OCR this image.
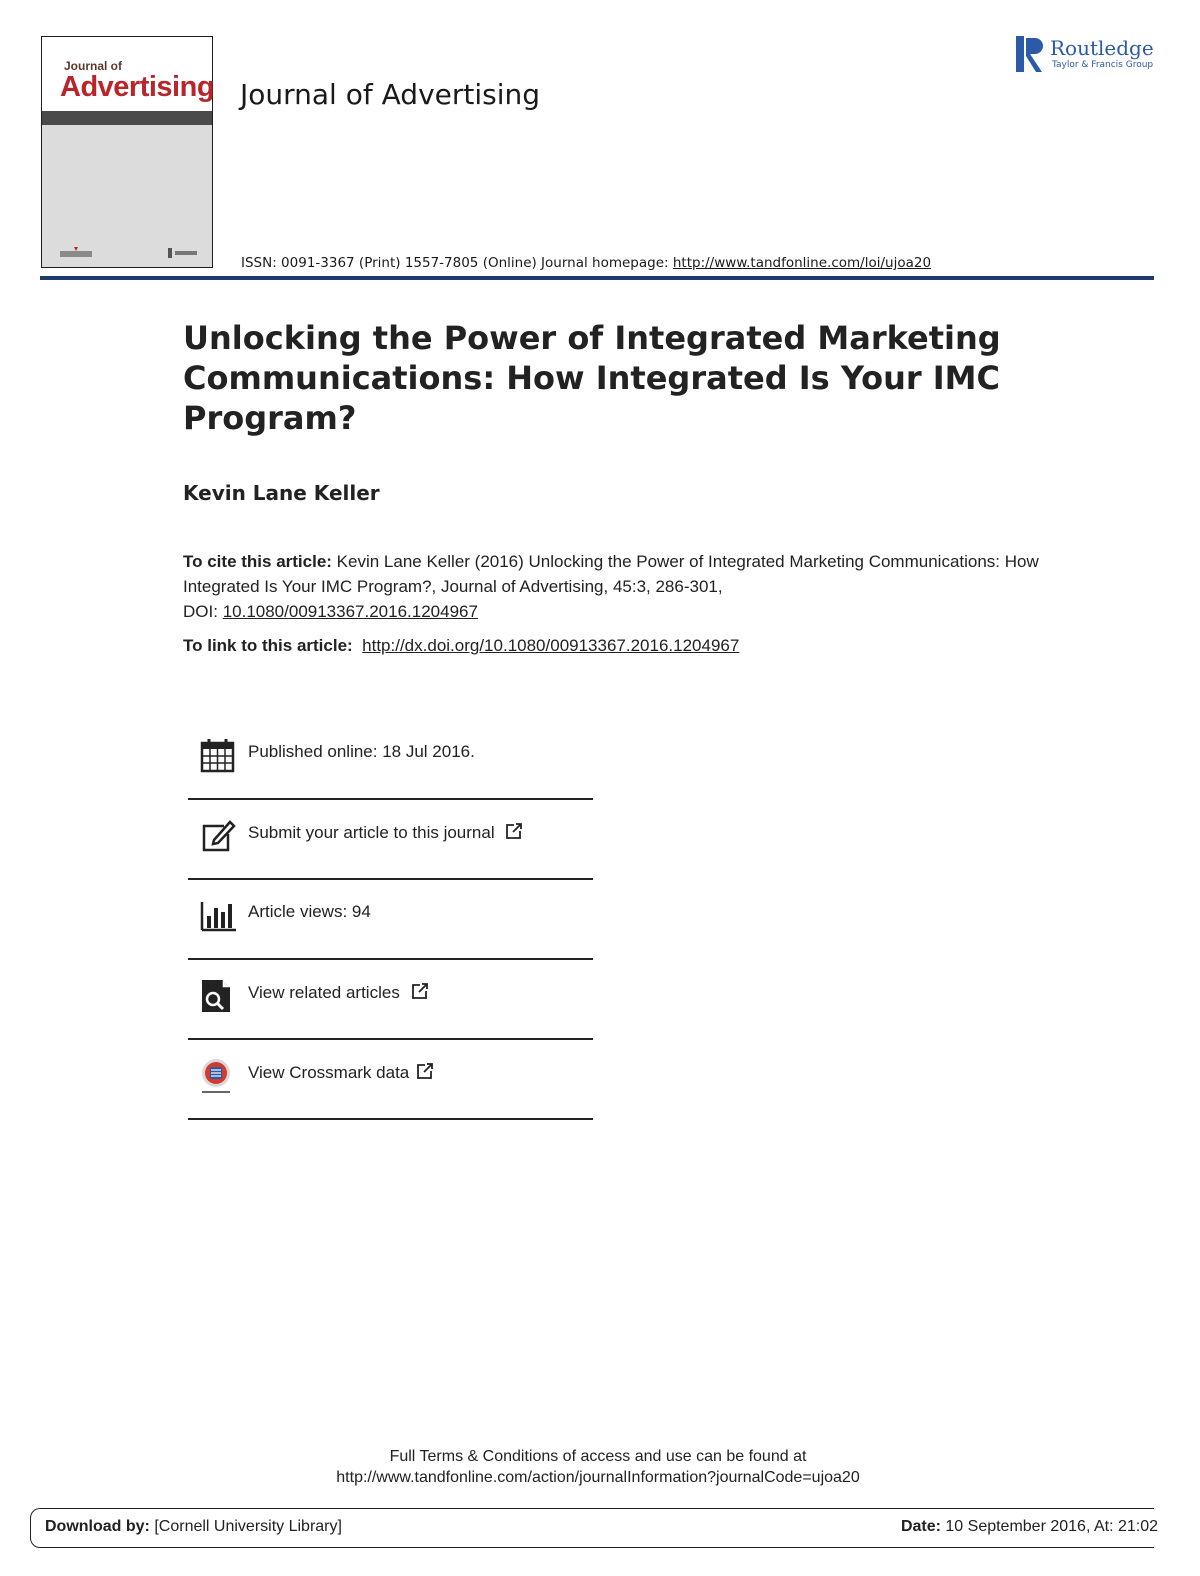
Journal of
Advertising Journal of Advertising
Routledge
Taylor & Francis Group
ISSN: 0091-3367 (Print) 1557-7805 (Online) Journal homepage: http://www.tandfonline.com/loi/ujoa20
Unlocking the Power of Integrated Marketing Communications: How Integrated Is Your IMC Program?
Kevin Lane Keller
To cite this article: Kevin Lane Keller (2016) Unlocking the Power of Integrated Marketing Communications: How Integrated Is Your IMC Program?, Journal of Advertising, 45:3, 286-301,
DOI: 10.1080/00913367.2016.1204967
To link to this article: http://dx.doi.org/10.1080/00913367.2016.1204967
Published online: 18 Jul 2016.
Submit your article to this journal
Article views: 94
View related articles
View Crossmark data
Full Terms & Conditions of access and use can be found at
http://www.tandfonline.com/action/journalInformation?journalCode=ujoa20
Download by: [Cornell University Library]	Date: 10 September 2016, At: 21:02
